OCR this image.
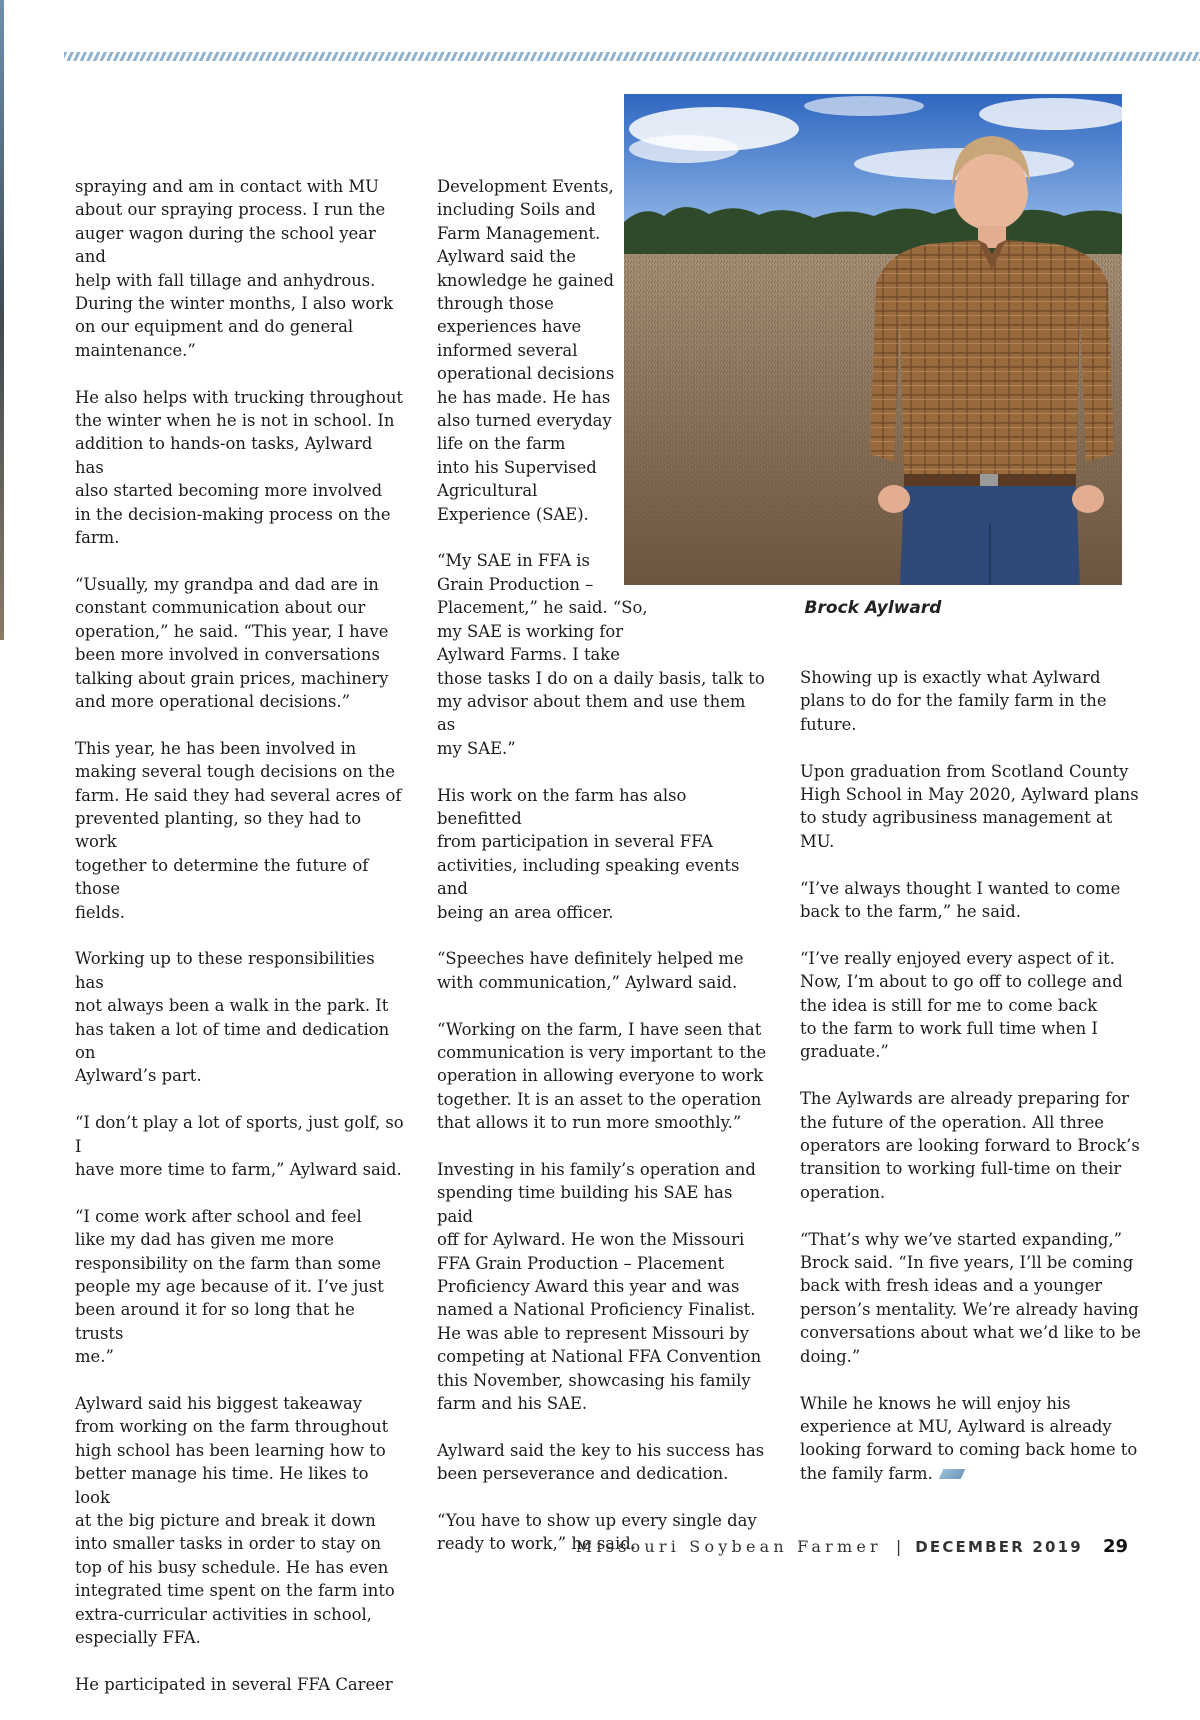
Brock Aylward

spraying and am in contact with MU
about our spraying process. I run the
auger wagon during the school year and
help with fall tillage and anhydrous.
During the winter months, I also work
on our equipment and do general
maintenance.”

He also helps with trucking throughout
the winter when he is not in school. In
addition to hands-on tasks, Aylward has
also started becoming more involved
in the decision-making process on the
farm.

“Usually, my grandpa and dad are in
constant communication about our
operation,” he said. “This year, I have
been more involved in conversations
talking about grain prices, machinery
and more operational decisions.”

This year, he has been involved in
making several tough decisions on the
farm. He said they had several acres of
prevented planting, so they had to work
together to determine the future of those
fields.

Working up to these responsibilities has
not always been a walk in the park. It
has taken a lot of time and dedication on
Aylward’s part.

“I don’t play a lot of sports, just golf, so I
have more time to farm,” Aylward said.

“I come work after school and feel
like my dad has given me more
responsibility on the farm than some
people my age because of it. I’ve just
been around it for so long that he trusts
me.”

Aylward said his biggest takeaway
from working on the farm throughout
high school has been learning how to
better manage his time. He likes to look
at the big picture and break it down
into smaller tasks in order to stay on
top of his busy schedule. He has even
integrated time spent on the farm into
extra-curricular activities in school,
especially FFA.

He participated in several FFA Career

Development Events,
including Soils and
Farm Management.
Aylward said the
knowledge he gained
through those
experiences have
informed several
operational decisions
he has made. He has
also turned everyday
life on the farm
into his Supervised
Agricultural
Experience (SAE).

“My SAE in FFA is
Grain Production –
Placement,” he said. “So,
my SAE is working for
Aylward Farms. I take
those tasks I do on a daily basis, talk to
my advisor about them and use them as
my SAE.”

His work on the farm has also benefitted
from participation in several FFA
activities, including speaking events and
being an area officer.

“Speeches have definitely helped me
with communication,” Aylward said.

“Working on the farm, I have seen that
communication is very important to the
operation in allowing everyone to work
together. It is an asset to the operation
that allows it to run more smoothly.”

Investing in his family’s operation and
spending time building his SAE has paid
off for Aylward. He won the Missouri
FFA Grain Production – Placement
Proficiency Award this year and was
named a National Proficiency Finalist.
He was able to represent Missouri by
competing at National FFA Convention
this November, showcasing his family
farm and his SAE.

Aylward said the key to his success has
been perseverance and dedication.

“You have to show up every single day
ready to work,” he said.

Showing up is exactly what Aylward
plans to do for the family farm in the
future.

Upon graduation from Scotland County
High School in May 2020, Aylward plans
to study agribusiness management at
MU.

“I’ve always thought I wanted to come
back to the farm,” he said.

“I’ve really enjoyed every aspect of it.
Now, I’m about to go off to college and
the idea is still for me to come back
to the farm to work full time when I
graduate.”

The Aylwards are already preparing for
the future of the operation. All three
operators are looking forward to Brock’s
transition to working full-time on their
operation.

“That’s why we’ve started expanding,”
Brock said. “In five years, I’ll be coming
back with fresh ideas and a younger
person’s mentality. We’re already having
conversations about what we’d like to be
doing.”

While he knows he will enjoy his
experience at MU, Aylward is already
looking forward to coming back home to
the family farm.

Missouri Soybean Farmer | DECEMBER 2019 29
